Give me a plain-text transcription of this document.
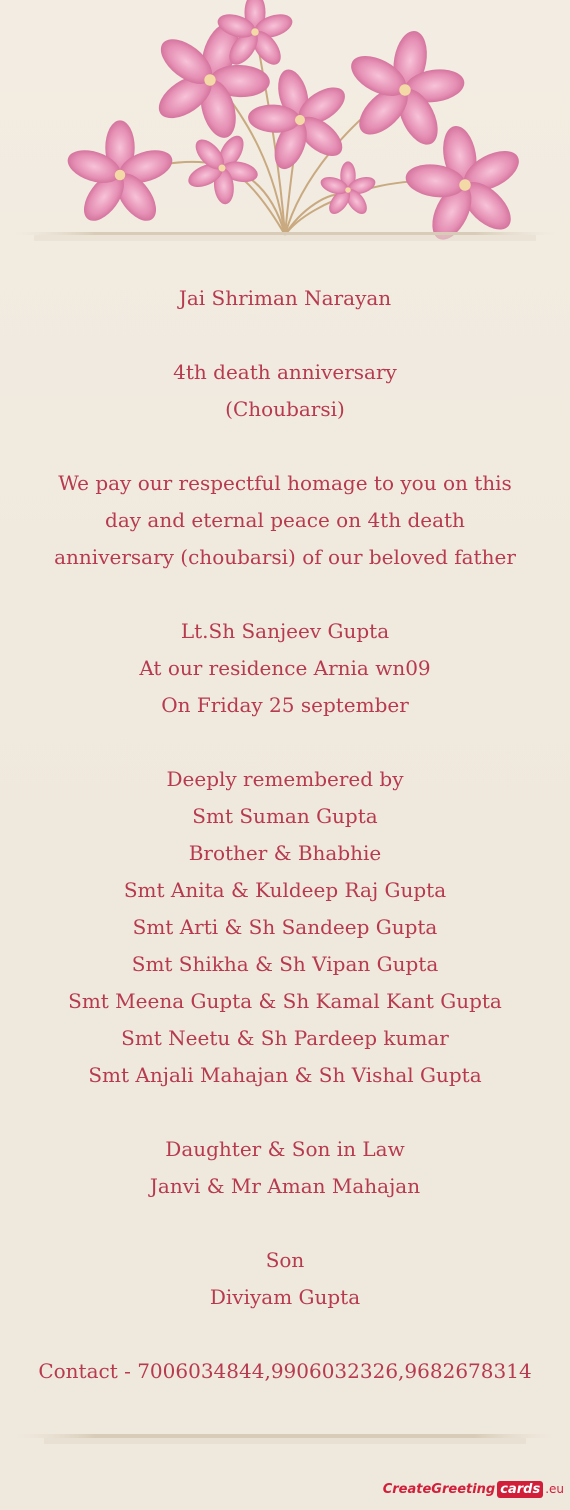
Jai Shriman Narayan
4th death anniversary
(Choubarsi)
We pay our respectful homage to you on this day and eternal peace on 4th death anniversary (choubarsi) of our beloved father
Lt.Sh Sanjeev Gupta
At our residence Arnia wn09
On Friday 25 september
Deeply remembered by
Smt Suman Gupta
Brother & Bhabhie
Smt Anita & Kuldeep Raj Gupta
Smt Arti & Sh Sandeep Gupta
Smt Shikha & Sh Vipan Gupta
Smt Meena Gupta & Sh Kamal Kant Gupta
Smt Neetu & Sh Pardeep kumar
Smt Anjali Mahajan & Sh Vishal Gupta
Daughter & Son in Law
Janvi & Mr Aman Mahajan
Son
Diviyam Gupta
Contact - 7006034844,9906032326,9682678314
CreateGreeting cards .eu
